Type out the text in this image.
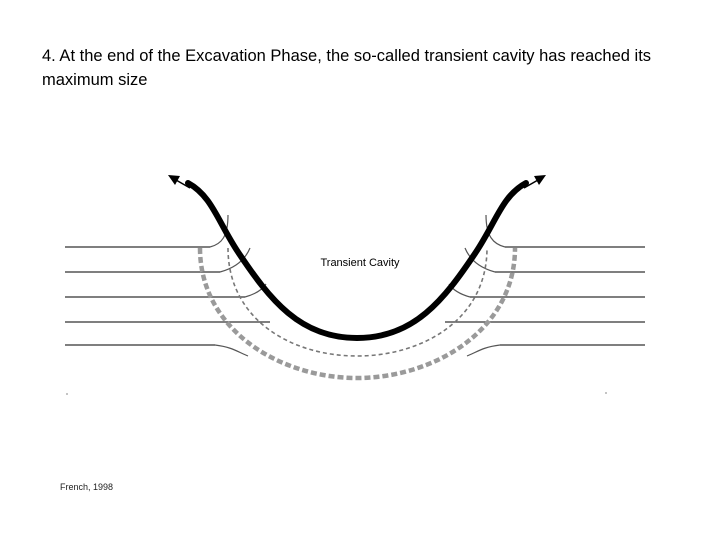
4. At the end of the Excavation Phase, the so-called transient cavity has reached its maximum size
Transient Cavity
French, 1998
